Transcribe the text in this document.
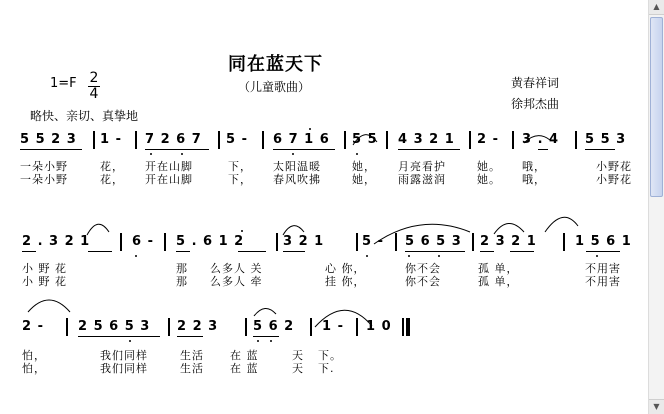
同在蓝天下
（儿童歌曲）
1=F 2
4
略快、亲切、真挚地
黄春祥词
徐邦杰曲
5 5 2 3 1 - 7 2 6 7 5 - 6 7 1 6 5 5 4 3 2 1 2 - 3 . 4 5 5 3
一朵小野	花， 开在山脚	下， 太阳温暖	她， 月亮看护	她。 哦，	小野花
一朵小野	花， 开在山脚	下， 春风吹拂	她， 雨露滋润	她。 哦，	小野花
2 . 3 2 1	6 - 5 . 6 1 2	3 2 1	5 - 5 6 5 3 2 3 2 1	1 5 6 1
小 野 花	那 么多人 关	心 你，	你不会	孤 单，	不用害
小 野 花	那 么多人 牵	挂 你，	你不会	孤 单，	不用害
2 -	2 5 6 5 3 2 2 3	5 6 2 1 - 1 0
怕，	我们同样	生活 在 蓝	天 下。
怕，	我们同样	生活 在 蓝	天 下.
▲
▼
